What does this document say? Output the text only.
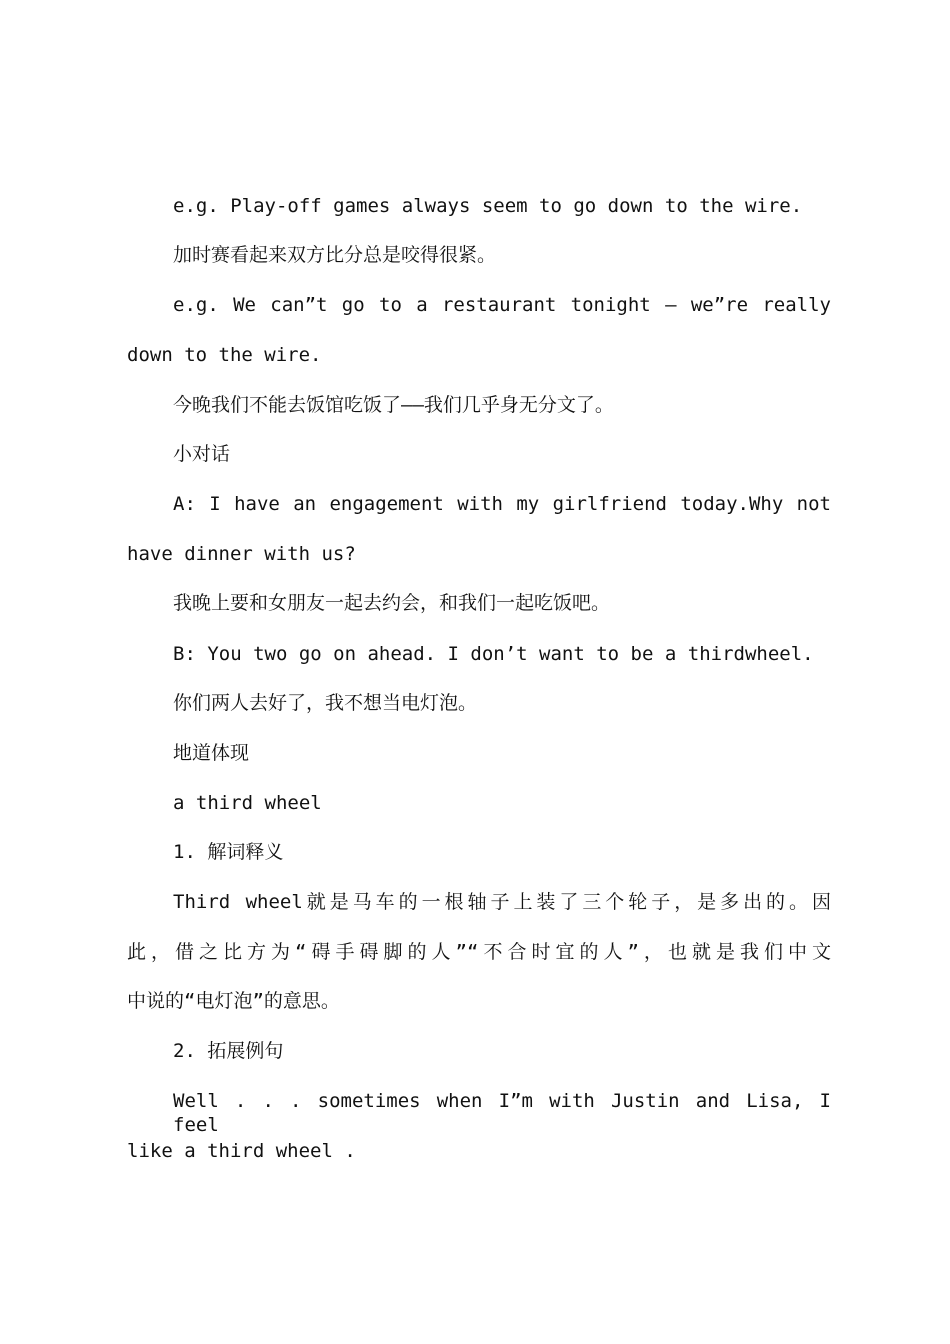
e.g. Play-off games always seem to go down to the wire.
加时赛看起来双方比分总是咬得很紧。
e.g. We can”t go to a restaurant tonight – we”re really
down to the wire.
今晚我们不能去饭馆吃饭了——我们几乎身无分文了。
小对话
A: I have an engagement with my girlfriend today.Why not
have dinner with us?
我晚上要和女朋友一起去约会，和我们一起吃饭吧。
B: You two go on ahead. I don’t want to be a thirdwheel.
你们两人去好了，我不想当电灯泡。
地道体现
a third wheel
1. 解词释义
Third wheel就是马车的一根轴子上装了三个轮子，是多出的。因
此，借之比方为“碍手碍脚的人”“不合时宜的人”，也就是我们中文
中说的“电灯泡”的意思。
2. 拓展例句
Well . . . sometimes when I”m with Justin and Lisa, I feel
like a third wheel .
